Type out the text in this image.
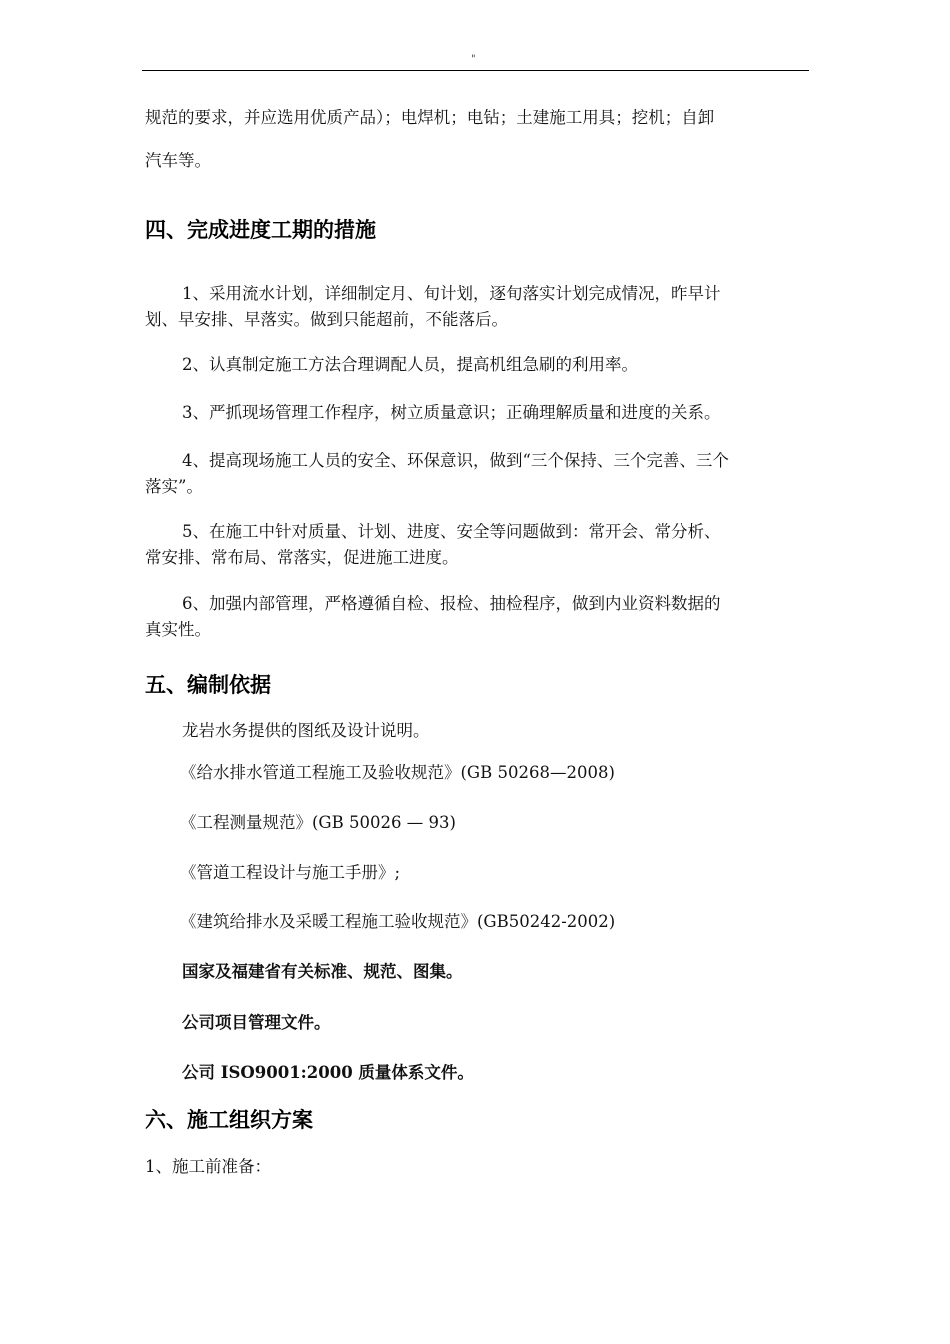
"
规范的要求，并应选用优质产品）；电焊机；电钻；土建施工用具；挖机；自卸
汽车等。
四、完成进度工期的措施
1、采用流水计划，详细制定月、旬计划，逐旬落实计划完成情况，昨早计
划、早安排、早落实。做到只能超前，不能落后。
2、认真制定施工方法合理调配人员，提高机组急刷的利用率。
3、严抓现场管理工作程序，树立质量意识；正确理解质量和进度的关系。
4、提高现场施工人员的安全、环保意识，做到“三个保持、三个完善、三个
落实”。
5、在施工中针对质量、计划、进度、安全等问题做到：常开会、常分析、
常安排、常布局、常落实，促进施工进度。
6、加强内部管理，严格遵循自检、报检、抽检程序，做到内业资料数据的
真实性。
五、编制依据
龙岩水务提供的图纸及设计说明。
《给水排水管道工程施工及验收规范》(GB 50268—2008)
《工程测量规范》(GB 50026 — 93)
《管道工程设计与施工手册》;
《建筑给排水及采暖工程施工验收规范》(GB50242-2002)
国家及福建省有关标准、规范、图集。
公司项目管理文件。
公司 ISO9001:2000 质量体系文件。
六、施工组织方案
1、施工前准备：
